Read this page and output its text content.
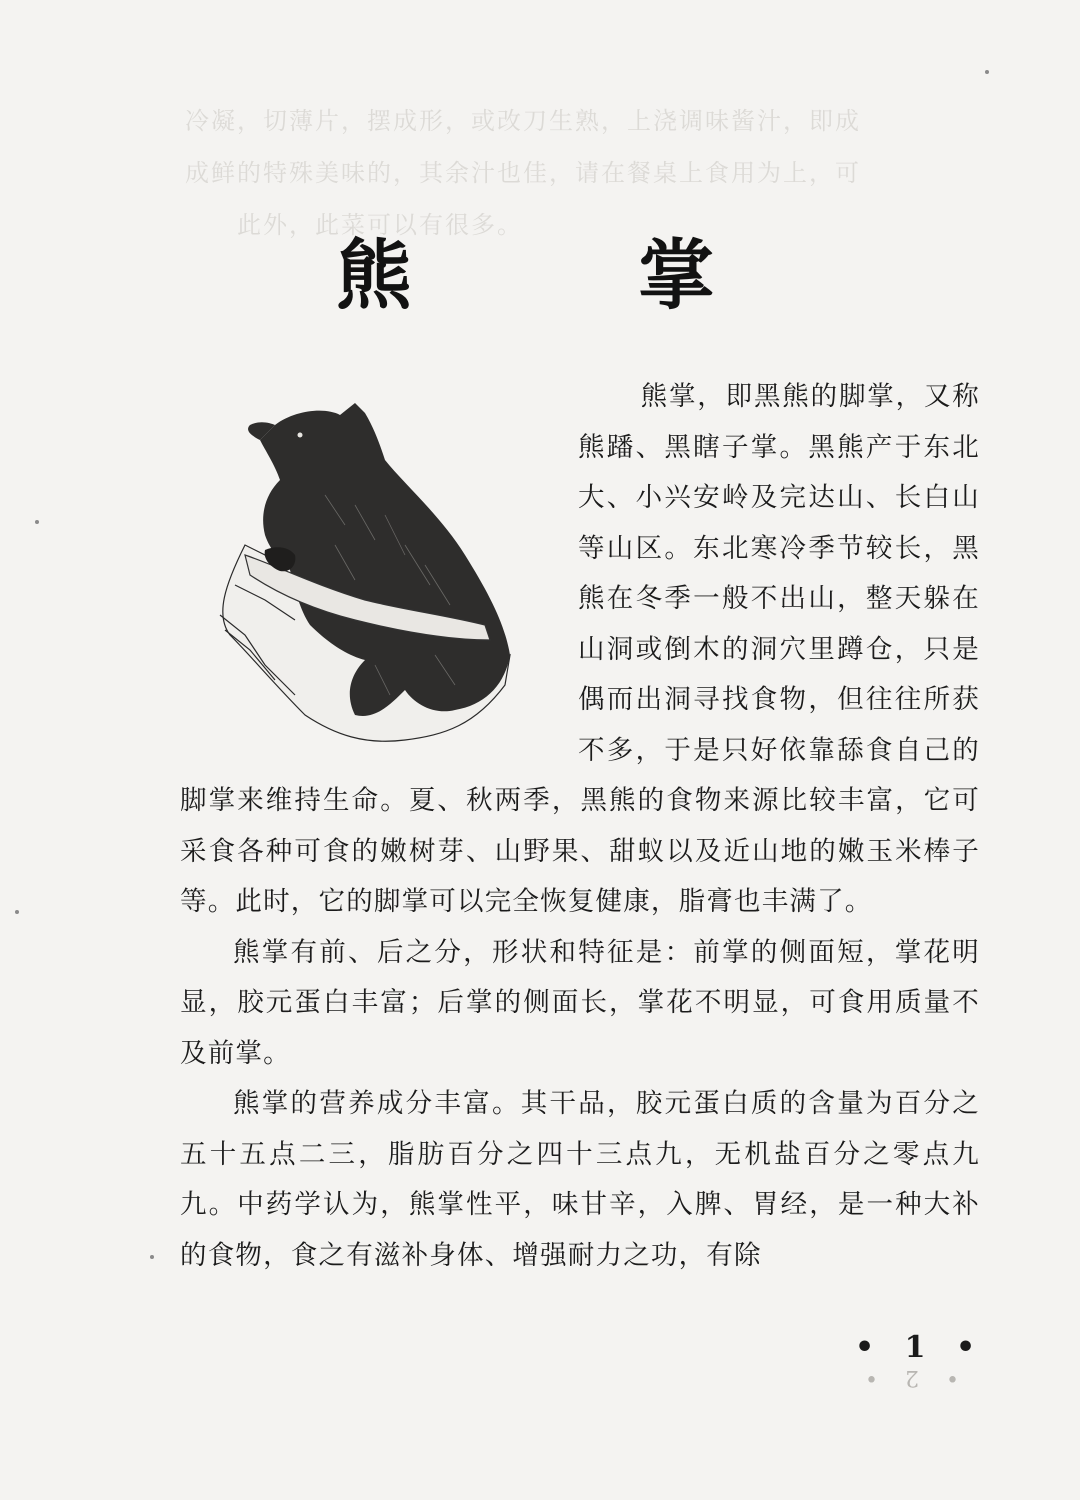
冷凝，切薄片，摆成形，或改刀生熟，上浇调味酱汁，即成
成鲜的特殊美味的，其余汁也佳，请在餐桌上食用为上，可
　　此外，此菜可以有很多。

熊 掌

熊掌，即黑熊的脚掌，又称熊蹯、黑瞎子掌。黑熊产于东北大、小兴安岭及完达山、长白山等山区。东北寒冷季节较长，黑熊在冬季一般不出山，整天躲在山洞或倒木的洞穴里蹲仓，只是偶而出洞寻找食物，但往往所获不多，于是只好依靠舔食自己的脚掌来维持生命。夏、秋两季，黑熊的食物来源比较丰富，它可采食各种可食的嫩树芽、山野果、甜蚁以及近山地的嫩玉米棒子等。此时，它的脚掌可以完全恢复健康，脂膏也丰满了。

熊掌有前、后之分，形状和特征是：前掌的侧面短，掌花明显，胶元蛋白丰富；后掌的侧面长，掌花不明显，可食用质量不及前掌。

熊掌的营养成分丰富。其干品，胶元蛋白质的含量为百分之五十五点二三，脂肪百分之四十三点九，无机盐百分之零点九九。中药学认为，熊掌性平，味甘辛，入脾、胃经，是一种大补的食物，食之有滋补身体、增强耐力之功，有除

• 1 •
• 2 •
